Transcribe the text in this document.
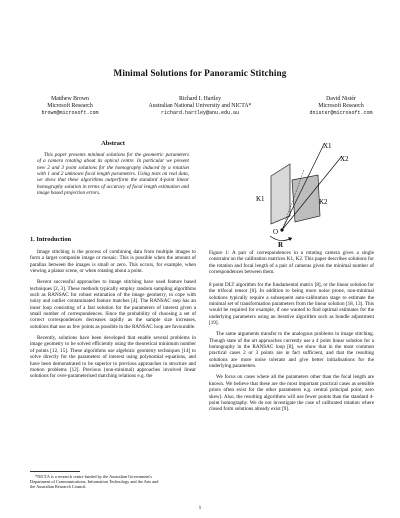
Minimal Solutions for Panoramic Stitching
Matthew Brown
Microsoft Research
brown@microsoft.com
Richard I. Hartley
Australian National University and NICTA*
richard.hartley@anu.edu.au
David Nistér
Microsoft Research
dnister@microsoft.com
Abstract

This paper presents minimal solutions for the geometric parameters of a camera rotating about its optical centre. In particular we present new 2 and 3 point solutions for the homography induced by a rotation with 1 and 2 unknown focal length parameters. Using tests on real data, we show that these algorithms outperform the standard 4-point linear homography solution in terms of accuracy of focal length estimation and image based projection errors.

1. Introduction

Image stitching is the process of combining data from multiple images to form a larger composite image or mosaic. This is possible when the amount of parallax between the images is small or zero. This occurs, for example, when viewing a planar scene, or when rotating about a point.

Recent successful approaches to image stitching have used feature based techniques [2, 3]. These methods typically employ random sampling algorithms such as RANSAC for robust estimation of the image geometry, to cope with noisy and outlier contaminated feature matches [4]. The RANSAC step has an inner loop consisting of a fast solution for the parameters of interest given a small number of correspondences. Since the probability of choosing a set of correct correspondences decreases rapidly as the sample size increases, solutions that use as few points as possible in the RANSAC loop are favourable.

Recently, solutions have been developed that enable several problems in image geometry to be solved efficiently using the theoretical minimum number of points [12, 15]. These algorithms use algebraic geometry techniques [14] to solve directly for the parameters of interest using polynomial equations, and have been demonstrated to be superior to previous approaches in structure and motion problems [12]. Previous (non-minimal) approaches involved linear solutions for over-parameterised matching relations e.g. the

*NICTA is a research centre funded by the Australian Government's
Department of Communications, Information Technology and the Arts and
the Australian Research Council.
X1
X2
K1	K2
O
R

Figure 1: A pair of correspondences in a rotating camera gives a single constraint on the calibration matrices K1, K2. This paper describes solutions for the rotation and focal length of a pair of cameras given the minimal number of correspondences between them.

8 point DLT algorithm for the fundamental matrix [8], or the linear solution for the trifocal tensor [6]. In addition to being more noise prone, non-minimal solutions typically require a subsequent auto-calibration stage to estimate the minimal set of transformation parameters from the linear solution [18, 13]. This would be required for example, if one wanted to find optimal estimates for the underlying parameters using an iterative algorithm such as bundle adjustment [19].

The same arguments transfer to the analogous problems in image stitching. Though state of the art approaches currently use a 4 point linear solution for a homography in the RANSAC loop [8], we show that in the most common practical cases 2 or 3 points are in fact sufficient, and that the resulting solutions are more noise tolerant and give better initialisations for the underlying parameters.

We focus on cases where all the parameters other than the focal length are known. We believe that these are the most important practical cases as sensible priors often exist for the other parameters e.g. central principal point, zero skew). Also, the resulting algorithms will use fewer points than the standard 4-point homography. We do not investigate the case of calibrated rotation where closed form solutions already exist [9].

1
